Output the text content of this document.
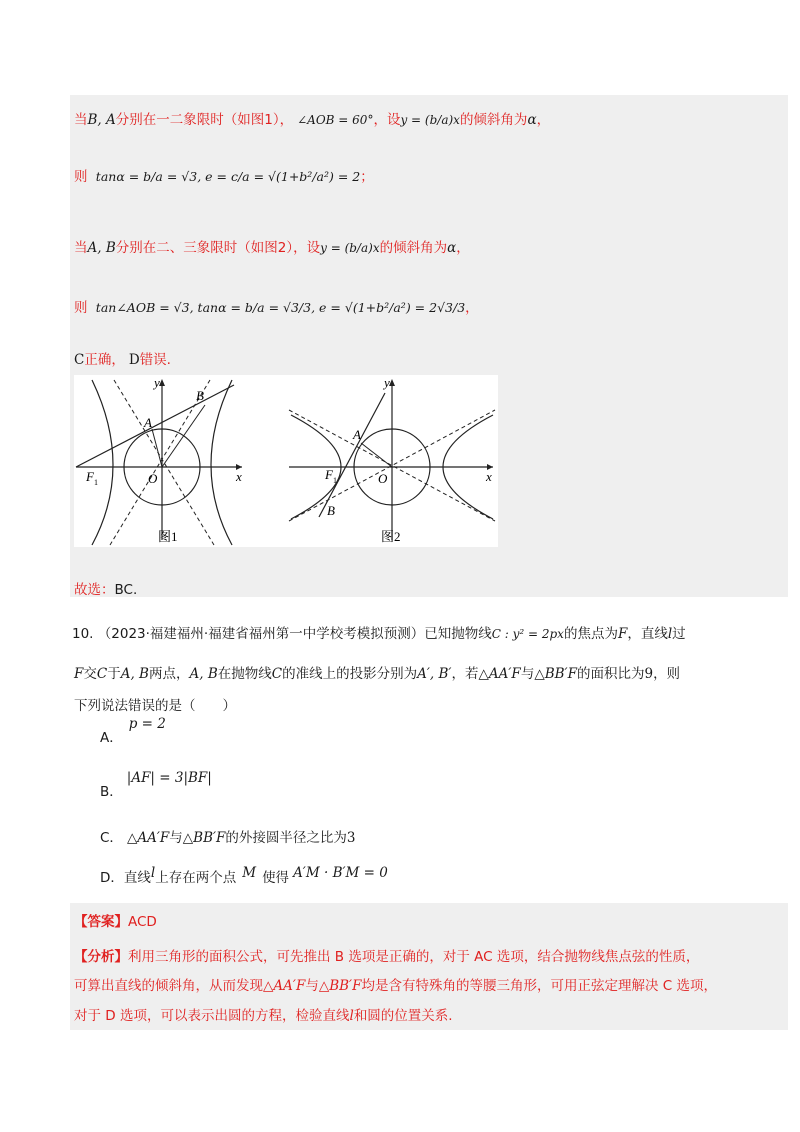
当B, A分别在一二象限时（如图1）， ∠AOB = 60°，设y = (b/a)x的倾斜角为α，
则 tanα = b/a = √3, e = c/a = √(1+b²/a²) = 2；
当A, B分别在二、三象限时（如图2），设y = (b/a)x的倾斜角为α，
则 tan∠AOB = √3, tanα = b/a = √3/3, e = √(1+b²/a²) = 2√3/3，
C正确， D错误.
A
B
O
F 1	x
y
图1
A
B
O
F 1	x
y
图2
故选：BC.
10. （2023·福建福州·福建省福州第一中学校考模拟预测）已知抛物线C : y² = 2px的焦点为F，直线l过
F交C于A, B两点，A, B在抛物线C的准线上的投影分别为A′, B′，若△AA′F与△BB′F的面积比为9，则
下列说法错误的是（　　）
A．p = 2
B．|AF| = 3|BF|
C． △AA′F与△BB′F的外接圆半径之比为3
D．直线l上存在两个点 M 使得 A′M · B′M = 0
【答案】ACD
【分析】利用三角形的面积公式，可先推出 B 选项是正确的，对于 AC 选项，结合抛物线焦点弦的性质，
可算出直线的倾斜角，从而发现△AA′F与△BB′F均是含有特殊角的等腰三角形，可用正弦定理解决 C 选项，
对于 D 选项，可以表示出圆的方程，检验直线l和圆的位置关系.
